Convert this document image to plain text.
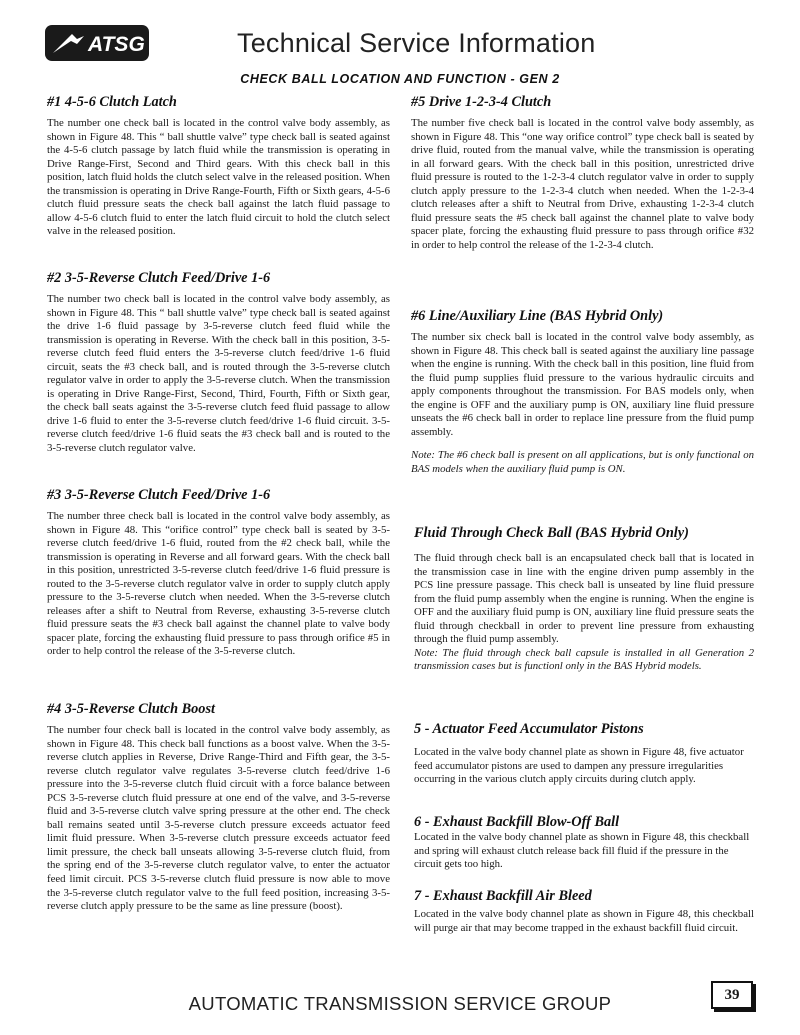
ATSG	Technical Service Information
CHECK BALL LOCATION AND FUNCTION - GEN 2
#1 4-5-6 Clutch Latch

The number one check ball is located in the control valve body assembly, as shown in Figure 48. This “ ball shuttle valve” type check ball is seated against the 4-5-6 clutch passage by latch fluid while the transmission is operating in Drive Range-First, Second and Third gears. With this check ball in this position, latch fluid holds the clutch select valve in the released position. When the transmission is operating in Drive Range-Fourth, Fifth or Sixth gears, 4-5-6 clutch fluid pressure seats the check ball against the latch fluid passage to allow 4-5-6 clutch fluid to enter the latch fluid circuit to hold the clutch select valve in the released position.

#2 3-5-Reverse Clutch Feed/Drive 1-6

The number two check ball is located in the control valve body assembly, as shown in Figure 48. This “ ball shuttle valve” type check ball is seated against the drive 1-6 fluid passage by 3-5-reverse clutch feed fluid while the transmission is operating in Reverse. With the check ball in this position, 3-5-reverse clutch feed fluid enters the 3-5-reverse clutch feed/drive 1-6 fluid circuit, seats the #3 check ball, and is routed through the 3-5-reverse clutch regulator valve in order to apply the 3-5-reverse clutch. When the transmission is operating in Drive Range-First, Second, Third, Fourth, Fifth or Sixth gear, the check ball seats against the 3-5-reverse clutch feed fluid passage to allow drive 1-6 fluid to enter the 3-5-reverse clutch feed/drive 1-6 fluid circuit. 3-5-reverse clutch feed/drive 1-6 fluid seats the #3 check ball and is routed to the 3-5-reverse clutch regulator valve.

#3 3-5-Reverse Clutch Feed/Drive 1-6

The number three check ball is located in the control valve body assembly, as shown in Figure 48. This “orifice control” type check ball is seated by 3-5-reverse clutch feed/drive 1-6 fluid, routed from the #2 check ball, while the transmission is operating in Reverse and all forward gears. With the check ball in this position, unrestricted 3-5-reverse clutch feed/drive 1-6 fluid pressure is routed to the 3-5-reverse clutch regulator valve in order to supply clutch apply pressure to the 3-5-reverse clutch when needed. When the 3-5-reverse clutch releases after a shift to Neutral from Reverse, exhausting 3-5-reverse clutch fluid pressure seats the #3 check ball against the channel plate to valve body spacer plate, forcing the exhausting fluid pressure to pass through orifice #5 in order to help control the release of the 3-5-reverse clutch.

#4 3-5-Reverse Clutch Boost

The number four check ball is located in the control valve body assembly, as shown in Figure 48. This check ball functions as a boost valve. When the 3-5-reverse clutch applies in Reverse, Drive Range-Third and Fifth gear, the 3-5-reverse clutch regulator valve regulates 3-5-reverse clutch feed/drive 1-6 pressure into the 3-5-reverse clutch fluid circuit with a force balance between PCS 3-5-reverse clutch fluid pressure at one end of the valve, and 3-5-reverse fluid and 3-5-reverse clutch valve spring pressure at the other end. The check ball remains seated until 3-5-reverse clutch pressure exceeds actuator feed limit fluid pressure. When 3-5-reverse clutch pressure exceeds actuator feed limit pressure, the check ball unseats allowing 3-5-reverse clutch fluid, from the spring end of the 3-5-reverse clutch regulator valve, to enter the actuator feed limit circuit. PCS 3-5-reverse clutch fluid pressure is now able to move the 3-5-reverse clutch regulator valve to the full feed position, increasing 3-5-reverse clutch apply pressure to be the same as line pressure (boost).

#5 Drive 1-2-3-4 Clutch

The number five check ball is located in the control valve body assembly, as shown in Figure 48. This “one way orifice control” type check ball is seated by drive fluid, routed from the manual valve, while the transmission is operating in all forward gears. With the check ball in this position, unrestricted drive fluid pressure is routed to the 1-2-3-4 clutch regulator valve in order to supply clutch apply pressure to the 1-2-3-4 clutch when needed. When the 1-2-3-4 clutch releases after a shift to Neutral from Drive, exhausting 1-2-3-4 clutch fluid pressure seats the #5 check ball against the channel plate to valve body spacer plate, forcing the exhausting fluid pressure to pass through orifice #32 in order to help control the release of the 1-2-3-4 clutch.

#6 Line/Auxiliary Line (BAS Hybrid Only)

The number six check ball is located in the control valve body assembly, as shown in Figure 48. This check ball is seated against the auxiliary line passage when the engine is running. With the check ball in this position, line fluid from the fluid pump supplies fluid pressure to the various hydraulic circuits and apply components throughout the transmission. For BAS models only, when the engine is OFF and the auxiliary pump is ON, auxiliary line fluid pressure unseats the #6 check ball in order to replace line pressure from the fluid pump assembly.

Note: The #6 check ball is present on all applications, but is only functional on BAS models when the auxiliary fluid pump is ON.

Fluid Through Check Ball (BAS Hybrid Only)

The fluid through check ball is an encapsulated check ball that is located in the transmission case in line with the engine driven pump assembly in the PCS line pressure passage. This check ball is unseated by line fluid pressure from the fluid pump assembly when the engine is running. When the engine is OFF and the auxiliary fluid pump is ON, auxiliary line fluid pressure seats the fluid through checkball in order to prevent line pressure from exhausting through the fluid pump assembly.

Note: The fluid through check ball capsule is installed in all Generation 2 transmission cases but is functionl only in the BAS Hybrid models.

5 - Actuator Feed Accumulator Pistons

Located in the valve body channel plate as shown in Figure 48, five actuator feed accumulator pistons are used to dampen any pressure irregularities occurring in the various clutch apply circuits during clutch apply.

6 - Exhaust Backfill Blow-Off Ball

Located in the valve body channel plate as shown in Figure 48, this checkball and spring will exhaust clutch release back fill fluid if the pressure in the circuit gets too high.

7 - Exhaust Backfill Air Bleed

Located in the valve body channel plate as shown in Figure 48, this checkball will purge air that may become trapped in the exhaust backfill fluid circuit.

39
AUTOMATIC TRANSMISSION SERVICE GROUP
